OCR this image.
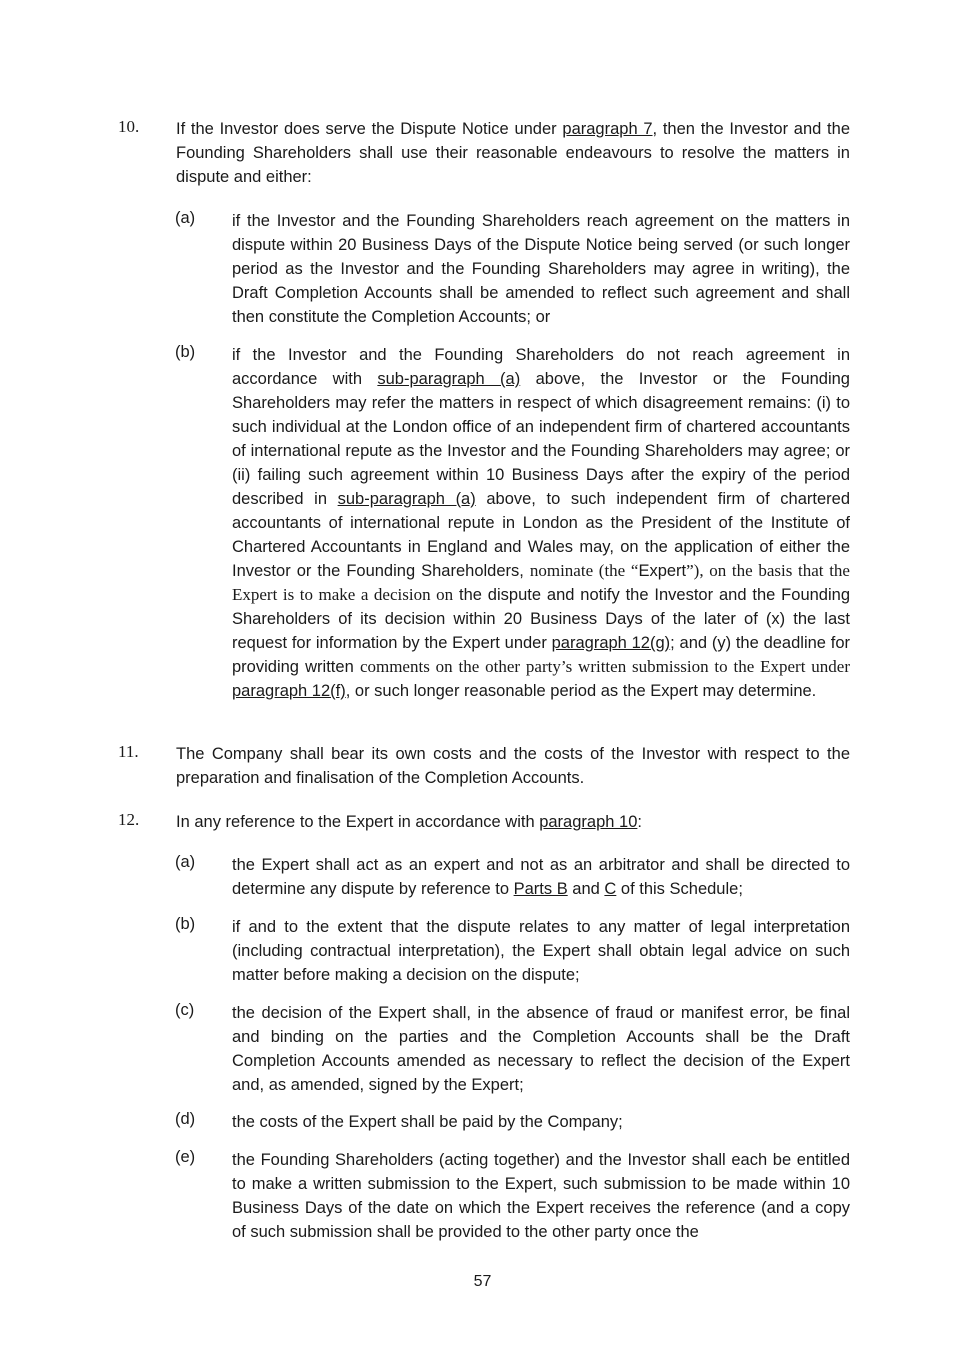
10. If the Investor does serve the Dispute Notice under paragraph 7, then the Investor and the Founding Shareholders shall use their reasonable endeavours to resolve the matters in dispute and either:
(a) if the Investor and the Founding Shareholders reach agreement on the matters in dispute within 20 Business Days of the Dispute Notice being served (or such longer period as the Investor and the Founding Shareholders may agree in writing), the Draft Completion Accounts shall be amended to reflect such agreement and shall then constitute the Completion Accounts; or
(b) if the Investor and the Founding Shareholders do not reach agreement in accordance with sub-paragraph (a) above, the Investor or the Founding Shareholders may refer the matters in respect of which disagreement remains: (i) to such individual at the London office of an independent firm of chartered accountants of international repute as the Investor and the Founding Shareholders may agree; or (ii) failing such agreement within 10 Business Days after the expiry of the period described in sub-paragraph (a) above, to such independent firm of chartered accountants of international repute in London as the President of the Institute of Chartered Accountants in England and Wales may, on the application of either the Investor or the Founding Shareholders, nominate (the “Expert”), on the basis that the Expert is to make a decision on the dispute and notify the Investor and the Founding Shareholders of its decision within 20 Business Days of the later of (x) the last request for information by the Expert under paragraph 12(g); and (y) the deadline for providing written comments on the other party’s written submission to the Expert under paragraph 12(f), or such longer reasonable period as the Expert may determine.
11. The Company shall bear its own costs and the costs of the Investor with respect to the preparation and finalisation of the Completion Accounts.
12. In any reference to the Expert in accordance with paragraph 10:
(a) the Expert shall act as an expert and not as an arbitrator and shall be directed to determine any dispute by reference to Parts B and C of this Schedule;
(b) if and to the extent that the dispute relates to any matter of legal interpretation (including contractual interpretation), the Expert shall obtain legal advice on such matter before making a decision on the dispute;
(c) the decision of the Expert shall, in the absence of fraud or manifest error, be final and binding on the parties and the Completion Accounts shall be the Draft Completion Accounts amended as necessary to reflect the decision of the Expert and, as amended, signed by the Expert;
(d) the costs of the Expert shall be paid by the Company;
(e) the Founding Shareholders (acting together) and the Investor shall each be entitled to make a written submission to the Expert, such submission to be made within 10 Business Days of the date on which the Expert receives the reference (and a copy of such submission shall be provided to the other party once the
57
